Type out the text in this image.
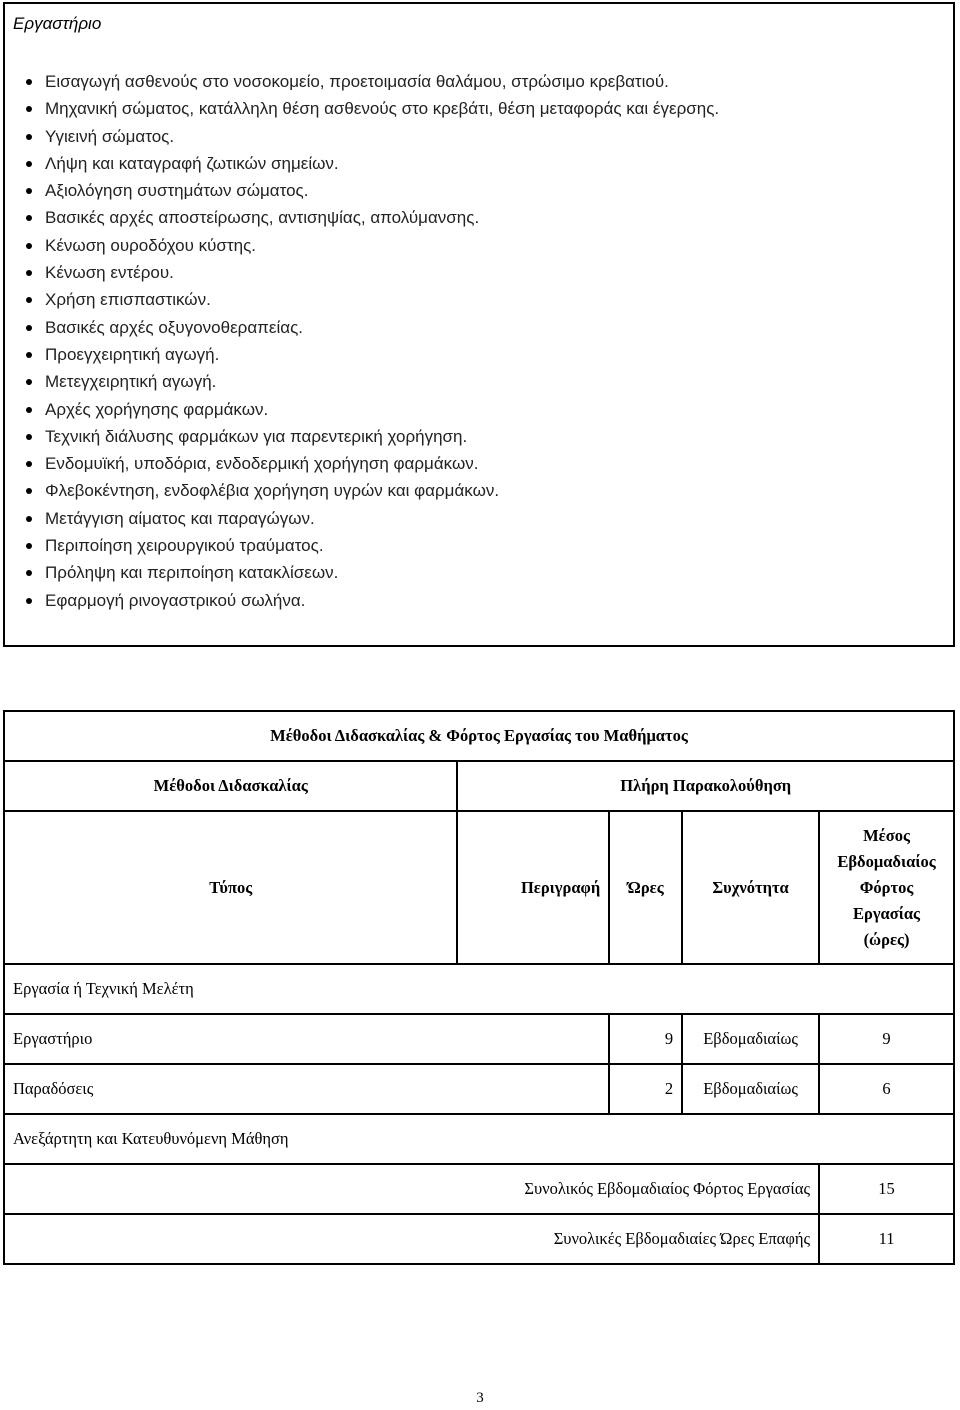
Εργαστήριο
Εισαγωγή ασθενούς στο νοσοκομείο, προετοιμασία θαλάμου, στρώσιμο κρεβατιού.
Μηχανική σώματος, κατάλληλη θέση ασθενούς στο κρεβάτι, θέση μεταφοράς και έγερσης.
Υγιεινή σώματος.
Λήψη και καταγραφή ζωτικών σημείων.
Αξιολόγηση συστημάτων σώματος.
Βασικές αρχές αποστείρωσης, αντισηψίας, απολύμανσης.
Κένωση ουροδόχου κύστης.
Κένωση εντέρου.
Χρήση επισπαστικών.
Βασικές αρχές οξυγονοθεραπείας.
Προεγχειρητική αγωγή.
Μετεγχειρητική αγωγή.
Αρχές χορήγησης φαρμάκων.
Τεχνική διάλυσης φαρμάκων για παρεντερική χορήγηση.
Ενδομυϊκή, υποδόρια, ενδοδερμική χορήγηση φαρμάκων.
Φλεβοκέντηση, ενδοφλέβια χορήγηση υγρών και φαρμάκων.
Μετάγγιση αίματος και παραγώγων.
Περιποίηση χειρουργικού τραύματος.
Πρόληψη και περιποίηση κατακλίσεων.
Εφαρμογή ρινογαστρικού σωλήνα.
Μέθοδοι Διδασκαλίας & Φόρτος Εργασίας του Μαθήματος				
Μέθοδοι Διδασκαλίας	Πλήρη Παρακολούθηση			
Τύπος	Περιγραφή	Ώρες	Συχνότητα	Μέσος Εβδομαδιαίος Φόρτος Εργασίας (ώρες)
Εργασία ή Τεχνική Μελέτη				
Εργαστήριο		9	Εβδομαδιαίως	9
Παραδόσεις		2	Εβδομαδιαίως	6
Ανεξάρτητη και Κατευθυνόμενη Μάθηση				
Συνολικός Εβδομαδιαίος Φόρτος Εργασίας				15
Συνολικές Εβδομαδιαίες Ώρες Επαφής				11
3
